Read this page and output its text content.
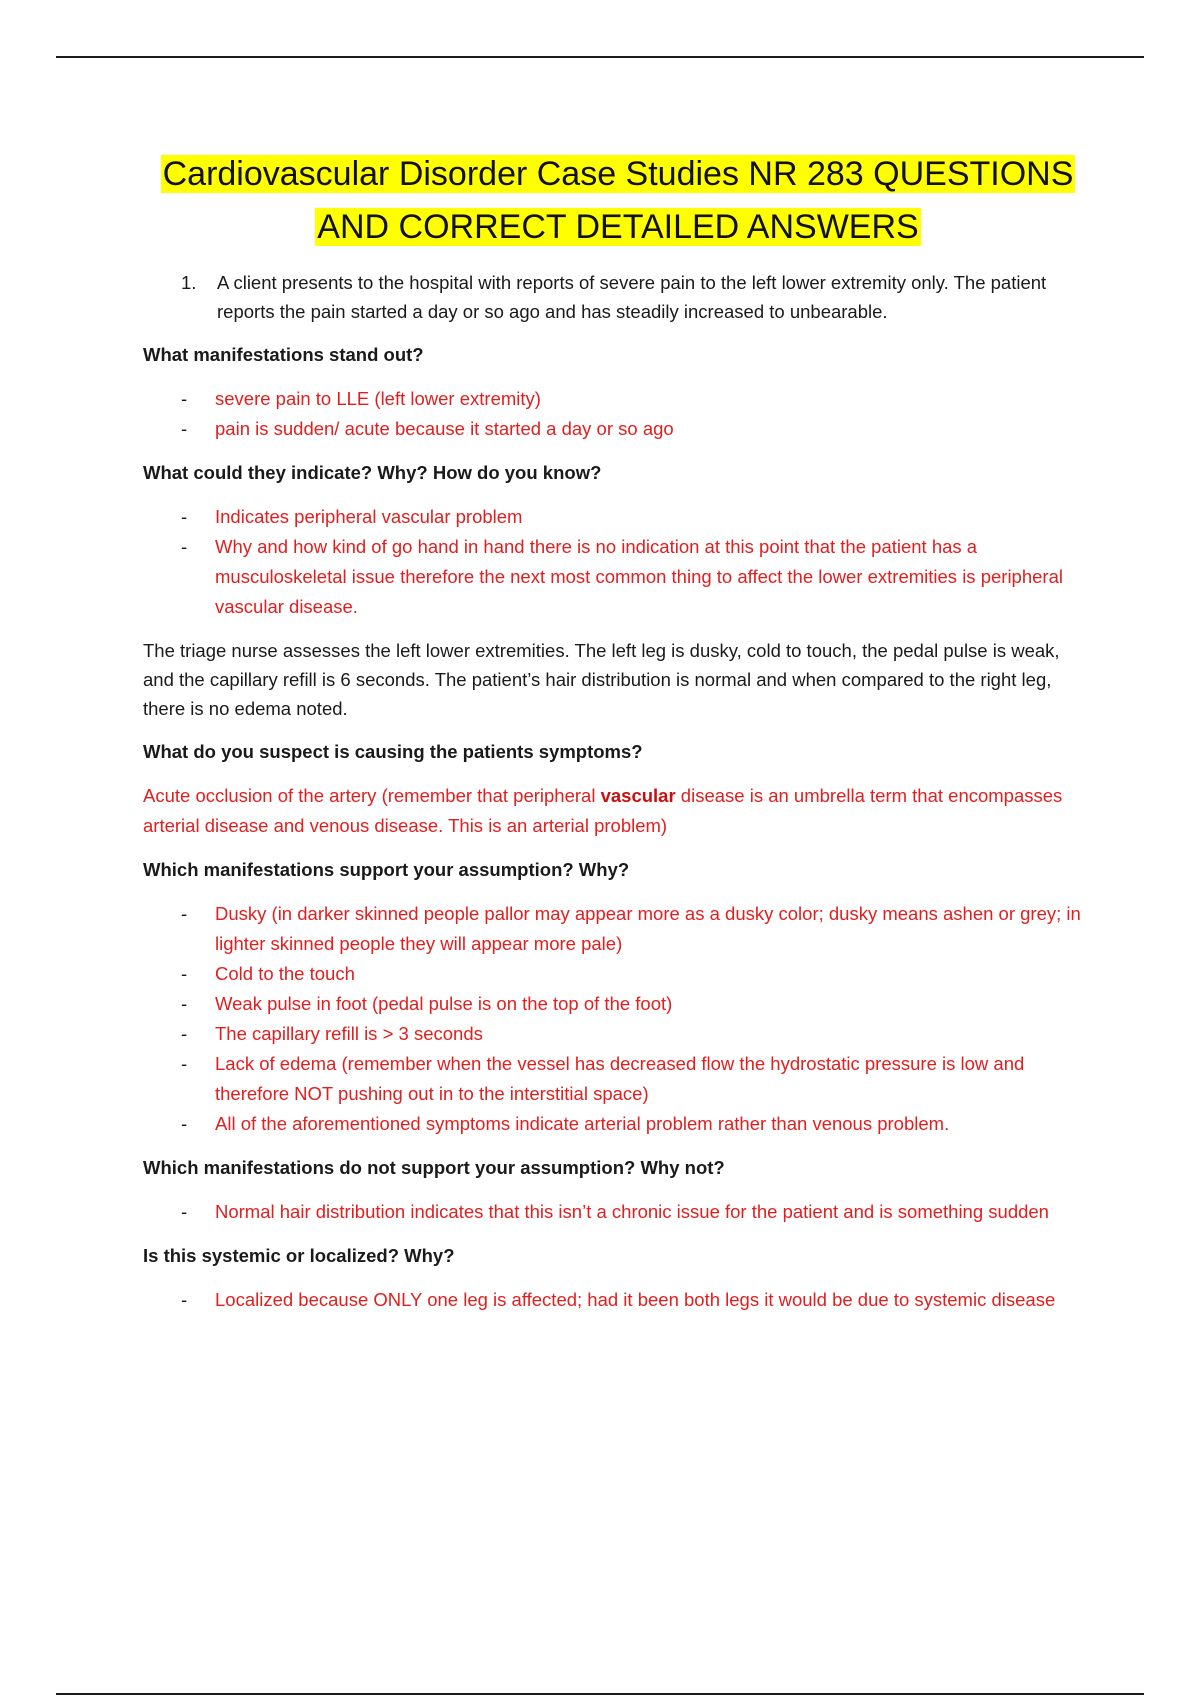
Cardiovascular Disorder Case Studies NR 283 QUESTIONS
AND CORRECT DETAILED ANSWERS
1.	A client presents to the hospital with reports of severe pain to the left lower extremity only. The patient reports the pain started a day or so ago and has steadily increased to unbearable.

What manifestations stand out?

-	severe pain to LLE (left lower extremity)
-	pain is sudden/ acute because it started a day or so ago

What could they indicate? Why? How do you know?

-	Indicates peripheral vascular problem
-	Why and how kind of go hand in hand there is no indication at this point that the patient has a musculoskeletal issue therefore the next most common thing to affect the lower extremities is peripheral vascular disease.

The triage nurse assesses the left lower extremities. The left leg is dusky, cold to touch, the pedal pulse is weak, and the capillary refill is 6 seconds. The patient’s hair distribution is normal and when compared to the right leg, there is no edema noted.

What do you suspect is causing the patients symptoms?

Acute occlusion of the artery (remember that peripheral vascular disease is an umbrella term that encompasses arterial disease and venous disease. This is an arterial problem)

Which manifestations support your assumption? Why?

-	Dusky (in darker skinned people pallor may appear more as a dusky color; dusky means ashen or grey; in lighter skinned people they will appear more pale)
-	Cold to the touch
-	Weak pulse in foot (pedal pulse is on the top of the foot)
-	The capillary refill is > 3 seconds
-	Lack of edema (remember when the vessel has decreased flow the hydrostatic pressure is low and therefore NOT pushing out in to the interstitial space)
-	All of the aforementioned symptoms indicate arterial problem rather than venous problem.

Which manifestations do not support your assumption? Why not?

-	Normal hair distribution indicates that this isn’t a chronic issue for the patient and is something sudden

Is this systemic or localized? Why?

-	Localized because ONLY one leg is affected; had it been both legs it would be due to systemic disease
